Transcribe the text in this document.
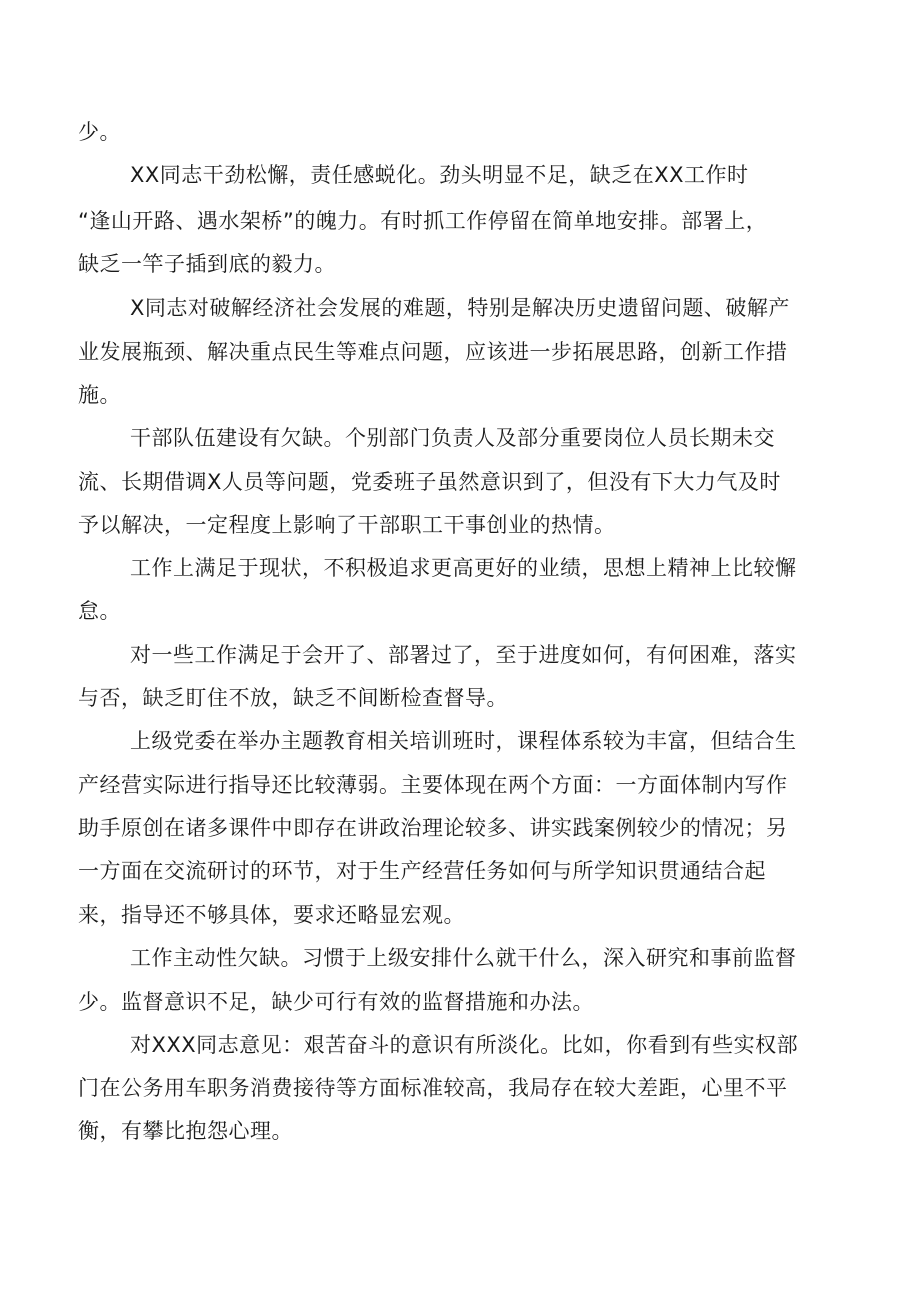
少。
XX同志干劲松懈，责任感蜕化。劲头明显不足，缺乏在XX工作时
“逢山开路、遇水架桥”的魄力。有时抓工作停留在简单地安排。部署上，
缺乏一竿子插到底的毅力。
X同志对破解经济社会发展的难题，特别是解决历史遗留问题、破解产
业发展瓶颈、解决重点民生等难点问题，应该进一步拓展思路，创新工作措
施。
干部队伍建设有欠缺。个别部门负责人及部分重要岗位人员长期未交
流、长期借调X人员等问题，党委班子虽然意识到了，但没有下大力气及时
予以解决，一定程度上影响了干部职工干事创业的热情。
工作上满足于现状，不积极追求更高更好的业绩，思想上精神上比较懈
怠。
对一些工作满足于会开了、部署过了，至于进度如何，有何困难，落实
与否，缺乏盯住不放，缺乏不间断检查督导。
上级党委在举办主题教育相关培训班时，课程体系较为丰富，但结合生
产经营实际进行指导还比较薄弱。主要体现在两个方面：一方面体制内写作
助手原创在诸多课件中即存在讲政治理论较多、讲实践案例较少的情况；另
一方面在交流研讨的环节，对于生产经营任务如何与所学知识贯通结合起
来，指导还不够具体，要求还略显宏观。
工作主动性欠缺。习惯于上级安排什么就干什么，深入研究和事前监督
少。监督意识不足，缺少可行有效的监督措施和办法。
对XXX同志意见：艰苦奋斗的意识有所淡化。比如，你看到有些实权部
门在公务用车职务消费接待等方面标准较高，我局存在较大差距，心里不平
衡，有攀比抱怨心理。
